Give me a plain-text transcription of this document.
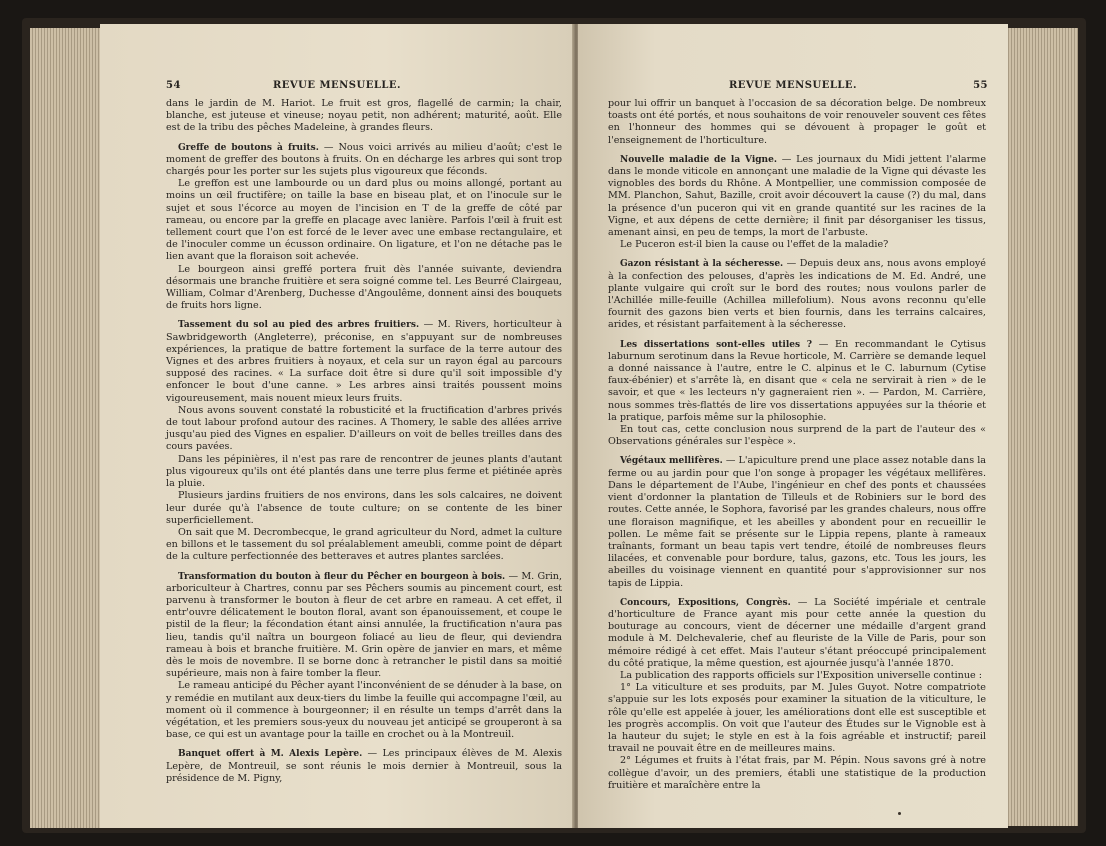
54	REVUE MENSUELLE.

dans le jardin de M. Hariot. Le fruit est gros, flagellé de carmin; la chair, blanche, est juteuse et vineuse; noyau petit, non adhérent; maturité, août. Elle est de la tribu des pêches Madeleine, à grandes fleurs.

Greffe de boutons à fruits. — Nous voici arrivés au milieu d'août; c'est le moment de greffer des boutons à fruits. On en décharge les arbres qui sont trop chargés pour les porter sur les sujets plus vigoureux que féconds.

Le greffon est une lambourde ou un dard plus ou moins allongé, portant au moins un œil fructifère; on taille la base en biseau plat, et on l'inocule sur le sujet et sous l'écorce au moyen de l'incision en T de la greffe de côté par rameau, ou encore par la greffe en placage avec lanière. Parfois l'œil à fruit est tellement court que l'on est forcé de le lever avec une embase rectangulaire, et de l'inoculer comme un écusson ordinaire. On ligature, et l'on ne détache pas le lien avant que la floraison soit achevée.

Le bourgeon ainsi greffé portera fruit dès l'année suivante, deviendra désormais une branche fruitière et sera soigné comme tel. Les Beurré Clairgeau, William, Colmar d'Arenberg, Duchesse d'Angoulême, donnent ainsi des bouquets de fruits hors ligne.

Tassement du sol au pied des arbres fruitiers. — M. Rivers, horticulteur à Sawbridgeworth (Angleterre), préconise, en s'appuyant sur de nombreuses expériences, la pratique de battre fortement la surface de la terre autour des Vignes et des arbres fruitiers à noyaux, et cela sur un rayon égal au parcours supposé des racines. « La surface doit être si dure qu'il soit impossible d'y enfoncer le bout d'une canne. » Les arbres ainsi traités poussent moins vigoureusement, mais nouent mieux leurs fruits.

Nous avons souvent constaté la robusticité et la fructification d'arbres privés de tout labour profond autour des racines. A Thomery, le sable des allées arrive jusqu'au pied des Vignes en espalier. D'ailleurs on voit de belles treilles dans des cours pavées.

Dans les pépinières, il n'est pas rare de rencontrer de jeunes plants d'autant plus vigoureux qu'ils ont été plantés dans une terre plus ferme et piétinée après la pluie.

Plusieurs jardins fruitiers de nos environs, dans les sols calcaires, ne doivent leur durée qu'à l'absence de toute culture; on se contente de les biner superficiellement.

On sait que M. Decrombecque, le grand agriculteur du Nord, admet la culture en billons et le tassement du sol préalablement ameubli, comme point de départ de la culture perfectionnée des betteraves et autres plantes sarclées.

Transformation du bouton à fleur du Pêcher en bourgeon à bois. — M. Grin, arboriculteur à Chartres, connu par ses Pêchers soumis au pincement court, est parvenu à transformer le bouton à fleur de cet arbre en rameau. A cet effet, il entr'ouvre délicatement le bouton floral, avant son épanouissement, et coupe le pistil de la fleur; la fécondation étant ainsi annulée, la fructification n'aura pas lieu, tandis qu'il naîtra un bourgeon foliacé au lieu de fleur, qui deviendra rameau à bois et branche fruitière. M. Grin opère de janvier en mars, et même dès le mois de novembre. Il se borne donc à retrancher le pistil dans sa moitié supérieure, mais non à faire tomber la fleur.

Le rameau anticipé du Pêcher ayant l'inconvénient de se dénuder à la base, on y remédie en mutilant aux deux-tiers du limbe la feuille qui accompagne l'œil, au moment où il commence à bourgeonner; il en résulte un temps d'arrêt dans la végétation, et les premiers sous-yeux du nouveau jet anticipé se grouperont à sa base, ce qui est un avantage pour la taille en crochet ou à la Montreuil.

Banquet offert à M. Alexis Lepère. — Les principaux élèves de M. Alexis Lepère, de Montreuil, se sont réunis le mois dernier à Montreuil, sous la présidence de M. Pigny,

REVUE MENSUELLE.	55

pour lui offrir un banquet à l'occasion de sa décoration belge. De nombreux toasts ont été portés, et nous souhaitons de voir renouveler souvent ces fêtes en l'honneur des hommes qui se dévouent à propager le goût et l'enseignement de l'horticulture.

Nouvelle maladie de la Vigne. — Les journaux du Midi jettent l'alarme dans le monde viticole en annonçant une maladie de la Vigne qui dévaste les vignobles des bords du Rhône. A Montpellier, une commission composée de MM. Planchon, Sahut, Bazille, croit avoir découvert la cause (?) du mal, dans la présence d'un puceron qui vit en grande quantité sur les racines de la Vigne, et aux dépens de cette dernière; il finit par désorganiser les tissus, amenant ainsi, en peu de temps, la mort de l'arbuste.

Le Puceron est-il bien la cause ou l'effet de la maladie?

Gazon résistant à la sécheresse. — Depuis deux ans, nous avons employé à la confection des pelouses, d'après les indications de M. Ed. André, une plante vulgaire qui croît sur le bord des routes; nous voulons parler de l'Achillée mille-feuille (Achillea millefolium). Nous avons reconnu qu'elle fournit des gazons bien verts et bien fournis, dans les terrains calcaires, arides, et résistant parfaitement à la sécheresse.

Les dissertations sont-elles utiles ? — En recommandant le Cytisus laburnum serotinum dans la Revue horticole, M. Carrière se demande lequel a donné naissance à l'autre, entre le C. alpinus et le C. laburnum (Cytise faux-ébénier) et s'arrête là, en disant que « cela ne servirait à rien » de le savoir, et que « les lecteurs n'y gagneraient rien ». — Pardon, M. Carrière, nous sommes très-flattés de lire vos dissertations appuyées sur la théorie et la pratique, parfois même sur la philosophie.

En tout cas, cette conclusion nous surprend de la part de l'auteur des « Observations générales sur l'espèce ».

Végétaux mellifères. — L'apiculture prend une place assez notable dans la ferme ou au jardin pour que l'on songe à propager les végétaux mellifères. Dans le département de l'Aube, l'ingénieur en chef des ponts et chaussées vient d'ordonner la plantation de Tilleuls et de Robiniers sur le bord des routes. Cette année, le Sophora, favorisé par les grandes chaleurs, nous offre une floraison magnifique, et les abeilles y abondent pour en recueillir le pollen. Le même fait se présente sur le Lippia repens, plante à rameaux traînants, formant un beau tapis vert tendre, étoilé de nombreuses fleurs lilacées, et convenable pour bordure, talus, gazons, etc. Tous les jours, les abeilles du voisinage viennent en quantité pour s'approvisionner sur nos tapis de Lippia.

Concours, Expositions, Congrès. — La Société impériale et centrale d'horticulture de France ayant mis pour cette année la question du bouturage au concours, vient de décerner une médaille d'argent grand module à M. Delchevalerie, chef au fleuriste de la Ville de Paris, pour son mémoire rédigé à cet effet. Mais l'auteur s'étant préoccupé principalement du côté pratique, la même question, est ajournée jusqu'à l'année 1870.

La publication des rapports officiels sur l'Exposition universelle continue :

1° La viticulture et ses produits, par M. Jules Guyot. Notre compatriote s'appuie sur les lots exposés pour examiner la situation de la viticulture, le rôle qu'elle est appelée à jouer, les améliorations dont elle est susceptible et les progrès accomplis. On voit que l'auteur des Études sur le Vignoble est à la hauteur du sujet; le style en est à la fois agréable et instructif; pareil travail ne pouvait être en de meilleures mains.

2° Légumes et fruits à l'état frais, par M. Pépin. Nous savons gré à notre collègue d'avoir, un des premiers, établi une statistique de la production fruitière et maraîchère entre la
